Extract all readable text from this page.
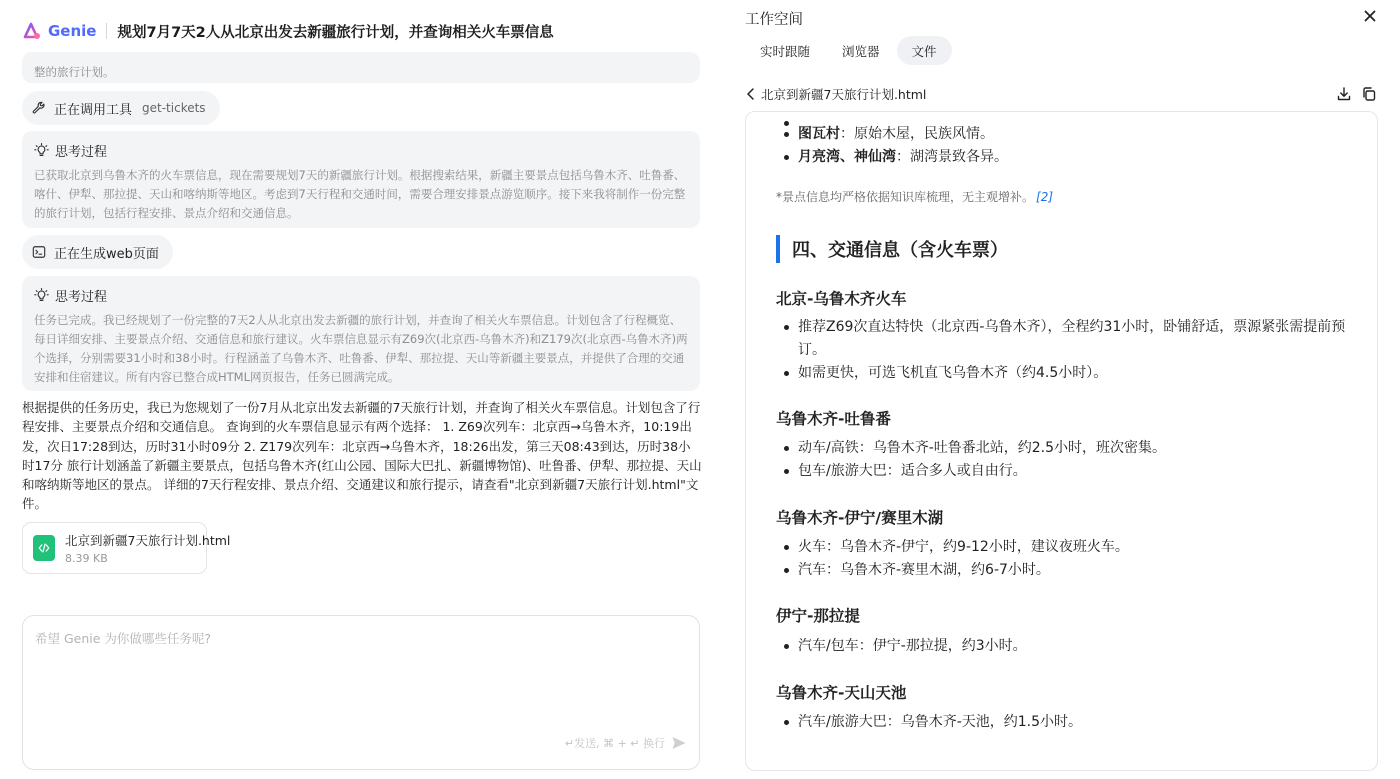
Genie 规划7月7天2人从北京出发去新疆旅行计划，并查询相关火车票信息

整的旅行计划。
正在调用工具 get-tickets
思考过程
已获取北京到乌鲁木齐的火车票信息，现在需要规划7天的新疆旅行计划。根据搜索结果，新疆主要景点包括乌鲁木齐、吐鲁番、喀什、伊犁、那拉提、天山和喀纳斯等地区。考虑到7天行程和交通时间，需要合理安排景点游览顺序。接下来我将制作一份完整的旅行计划，包括行程安排、景点介绍和交通信息。
正在生成web页面
思考过程
任务已完成。我已经规划了一份完整的7天2人从北京出发去新疆的旅行计划，并查询了相关火车票信息。计划包含了行程概览、每日详细安排、主要景点介绍、交通信息和旅行建议。火车票信息显示有Z69次(北京西-乌鲁木齐)和Z179次(北京西-乌鲁木齐)两个选择，分别需要31小时和38小时。行程涵盖了乌鲁木齐、吐鲁番、伊犁、那拉提、天山等新疆主要景点，并提供了合理的交通安排和住宿建议。所有内容已整合成HTML网页报告，任务已圆满完成。
根据提供的任务历史，我已为您规划了一份7月从北京出发去新疆的7天旅行计划，并查询了相关火车票信息。计划包含了行程安排、主要景点介绍和交通信息。 查询到的火车票信息显示有两个选择： 1. Z69次列车：北京西→乌鲁木齐，10:19出发，次日17:28到达，历时31小时09分 2. Z179次列车：北京西→乌鲁木齐，18:26出发，第三天08:43到达，历时38小时17分 旅行计划涵盖了新疆主要景点，包括乌鲁木齐(红山公园、国际大巴扎、新疆博物馆)、吐鲁番、伊犁、那拉提、天山和喀纳斯等地区的景点。 详细的7天行程安排、景点介绍、交通建议和旅行提示，请查看"北京到新疆7天旅行计划.html"文件。
北京到新疆7天旅行计划.html
8.39 KB
希望 Genie 为你做哪些任务呢?
↵发送, ⌘ + ↵ 换行
工作空间
实时跟随	浏览器	文件
北京到新疆7天旅行计划.html

图瓦村：原始木屋，民族风情。
月亮湾、神仙湾：湖湾景致各异。
*景点信息均严格依据知识库梳理，无主观增补。 [2]
四、交通信息（含火车票）
北京-乌鲁木齐火车
推荐Z69次直达特快（北京西-乌鲁木齐），全程约31小时，卧铺舒适，票源紧张需提前预订。
如需更快，可选飞机直飞乌鲁木齐（约4.5小时）。
乌鲁木齐-吐鲁番
动车/高铁：乌鲁木齐-吐鲁番北站，约2.5小时，班次密集。
包车/旅游大巴：适合多人或自由行。
乌鲁木齐-伊宁/赛里木湖
火车：乌鲁木齐-伊宁，约9-12小时，建议夜班火车。
汽车：乌鲁木齐-赛里木湖，约6-7小时。
伊宁-那拉提
汽车/包车：伊宁-那拉提，约3小时。
乌鲁木齐-天山天池
汽车/旅游大巴：乌鲁木齐-天池，约1.5小时。
